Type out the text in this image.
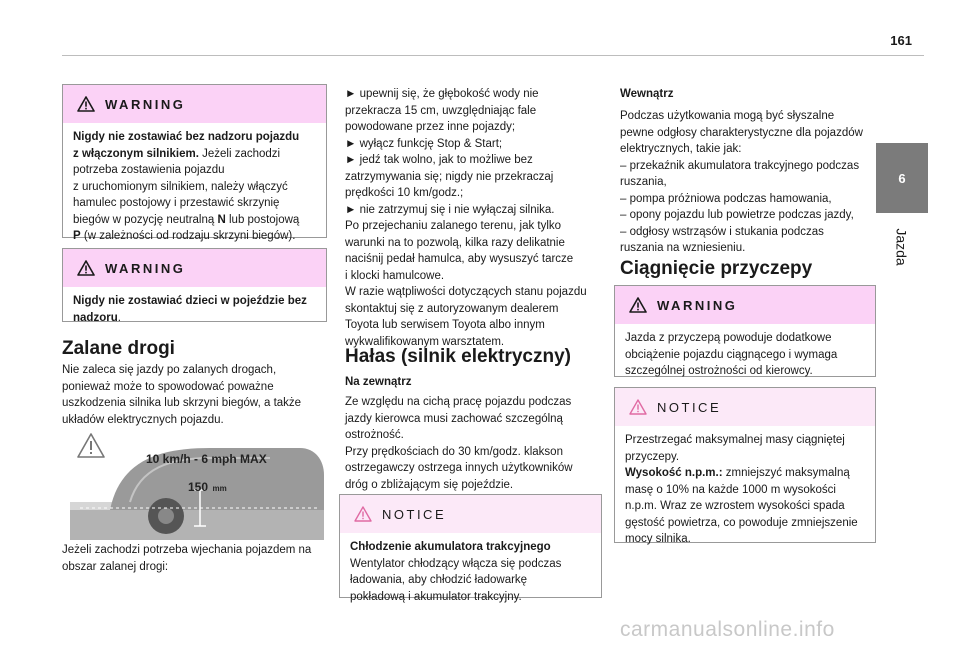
161
6
Jazda
WARNING
Nigdy nie zostawiać bez nadzoru pojazdu
z włączonym silnikiem. Jeżeli zachodzi
potrzeba zostawienia pojazdu
z uruchomionym silnikiem, należy włączyć
hamulec postojowy i przestawić skrzynię
biegów w pozycję neutralną N lub postojową
P (w zależności od rodzaju skrzyni biegów).
WARNING
Nigdy nie zostawiać dzieci w pojeździe bez
nadzoru.
Zalane drogi

Nie zaleca się jazdy po zalanych drogach,

ponieważ może to spowodować poważne

uszkodzenia silnika lub skrzyni biegów, a także

układów elektrycznych pojazdu.

10 km/h - 6 mph MAX
150 mm

Jeżeli zachodzi potrzeba wjechania pojazdem na

obszar zalanej drogi:

► upewnij się, że głębokość wody nie

przekracza 15 cm, uwzględniając fale

powodowane przez inne pojazdy;

► wyłącz funkcję Stop & Start;

► jedź tak wolno, jak to możliwe bez

zatrzymywania się; nigdy nie przekraczaj

prędkości 10 km/godz.;

► nie zatrzymuj się i nie wyłączaj silnika.

Po przejechaniu zalanego terenu, jak tylko

warunki na to pozwolą, kilka razy delikatnie

naciśnij pedał hamulca, aby wysuszyć tarcze

i klocki hamulcowe.

W razie wątpliwości dotyczących stanu pojazdu

skontaktuj się z autoryzowanym dealerem

Toyota lub serwisem Toyota albo innym

wykwalifikowanym warsztatem.

Hałas (silnik elektryczny)
Na zewnątrz

Ze względu na cichą pracę pojazdu podczas

jazdy kierowca musi zachować szczególną

ostrożność.

Przy prędkościach do 30 km/godz. klakson

ostrzegawczy ostrzega innych użytkowników

dróg o zbliżającym się pojeździe.

NOTICE
Chłodzenie akumulatora trakcyjnego
Wentylator chłodzący włącza się podczas
ładowania, aby chłodzić ładowarkę
pokładową i akumulator trakcyjny.
Wewnątrz

Podczas użytkowania mogą być słyszalne

pewne odgłosy charakterystyczne dla pojazdów

elektrycznych, takie jak:

– przekaźnik akumulatora trakcyjnego podczas

ruszania,

– pompa próżniowa podczas hamowania,

– opony pojazdu lub powietrze podczas jazdy,

– odgłosy wstrząsów i stukania podczas

ruszania na wzniesieniu.

Ciągnięcie przyczepy
WARNING
Jazda z przyczepą powoduje dodatkowe
obciążenie pojazdu ciągnącego i wymaga
szczególnej ostrożności od kierowcy.
NOTICE
Przestrzegać maksymalnej masy ciągniętej
przyczepy.
Wysokość n.p.m.: zmniejszyć maksymalną
masę o 10% na każde 1000 m wysokości
n.p.m. Wraz ze wzrostem wysokości spada
gęstość powietrza, co powoduje zmniejszenie
mocy silnika.
carmanualsonline.info
